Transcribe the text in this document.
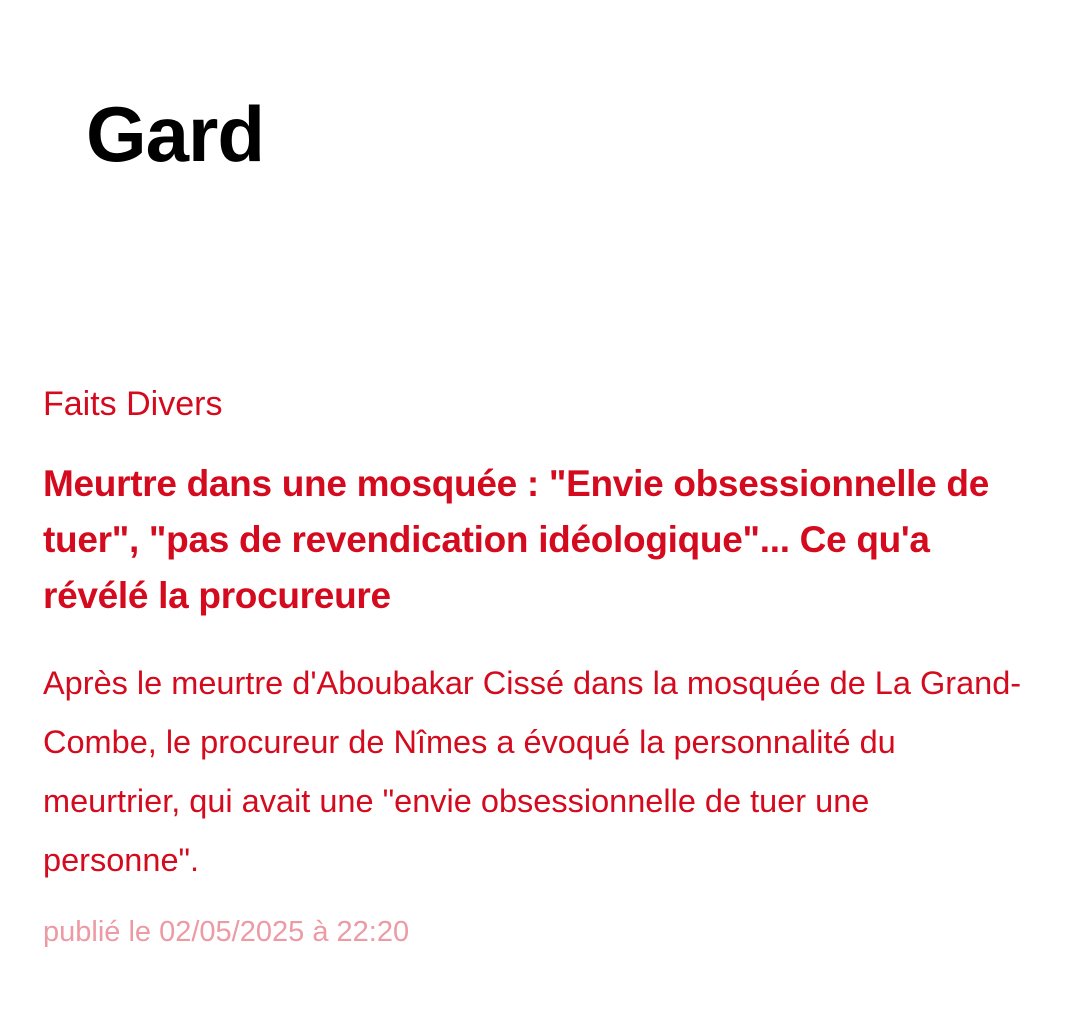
Gard

Faits Divers

Meurtre dans une mosquée : "Envie obsessionnelle de tuer", "pas de revendication idéologique"... Ce qu'a révélé la procureure

Après le meurtre d'Aboubakar Cissé dans la mosquée de La Grand-Combe, le procureur de Nîmes a évoqué la personnalité du meurtrier, qui avait une "envie obsessionnelle de tuer une personne".

publié le 02/05/2025 à 22:20
